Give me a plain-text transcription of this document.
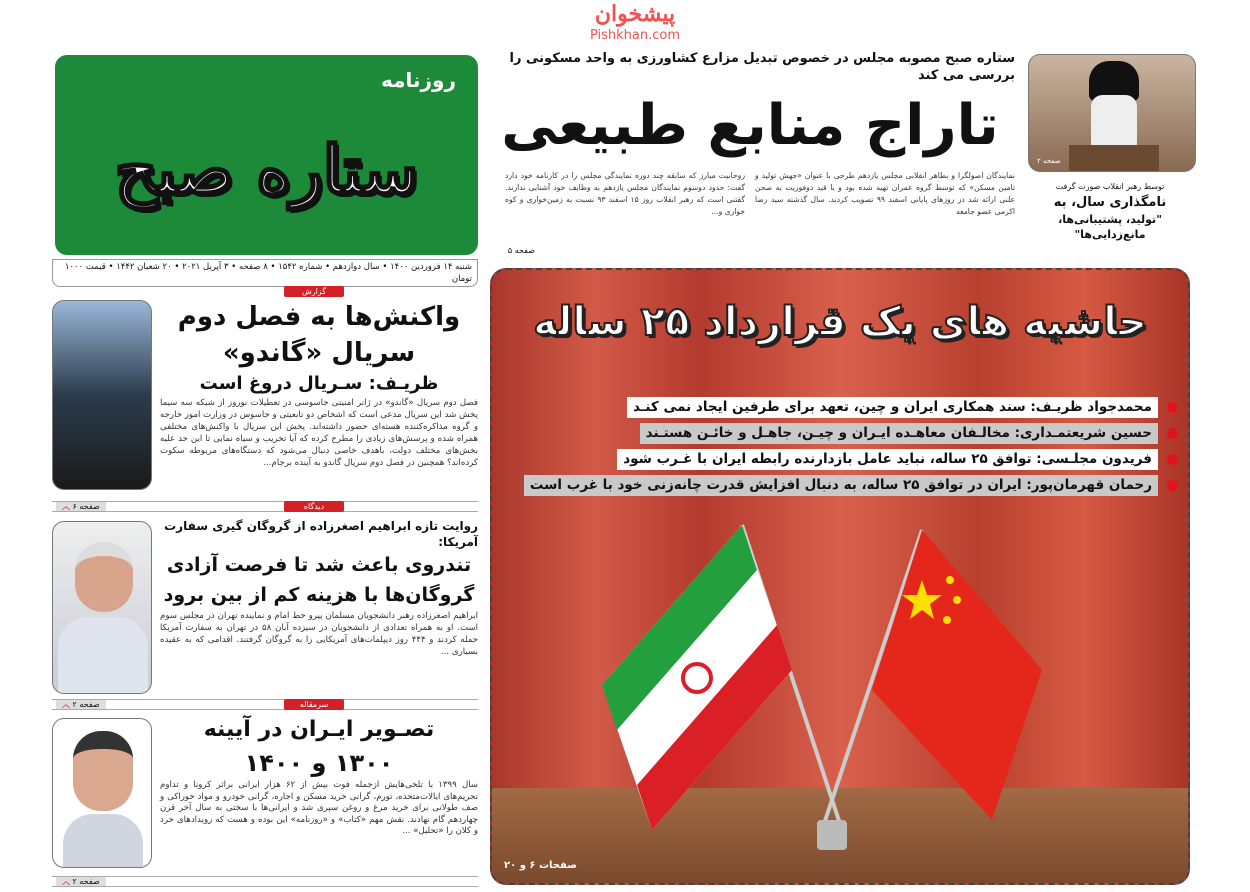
روزنامه
ستاره صبح
شنبه ۱۴ فروردین ۱۴۰۰ • سال دوازدهم • شماره ۱۵۴۲ • ۸ صفحه • ۳ آپریل ۲۰۲۱ • ۲۰ شعبان ۱۴۴۲ • قیمت ۱۰۰۰ تومان
پیشخوان
Pishkhan.com
ستاره صبح مصوبه مجلس در خصوص تبدیل مزارع کشاورزی به واحد مسکونی را بررسی می کند
تاراج منابع طبیعی
نمایندگان اصولگرا و بطاهر انقلابی مجلس یازدهم طرحی با عنوان «جهش تولید و تامین مسکن» که توسط گروه عمران تهیه شده بود و با قید دوفوریت به صحن علنی ارائه شد در روزهای پایانی اسفند ۹۹ تصویب کردند. سال گذشته سید رضا اکرمی عضو جامعه
روحانیت مبارز که سابقه چند دوره نمایندگی مجلس را در کارنامه خود دارد گفت: حدود دوسوم نمایندگان مجلس یازدهم به وظایف خود آشنایی ندارند. گفتنی است که رهبر انقلاب روز ۱۵ اسفند ۹۳ نسبت به زمین‌خواری و کوه خواری و...
صفحه ۵
صفحه ۲
توسط رهبر انقلاب صورت گرفت
نامگذاری سال، به
"تولید، پشتیبانی‌ها، مانع‌زدایی‌ها"
گزارش
واکنش‌ها به فصل دوم
سریال «گاندو»
ظریـف: سـریال دروغ است
فصل دوم سریال «گاندو» در ژانر امنیتی جاسوسی در تعطیلات نوروز از شبکه سه سیما پخش شد این سریال مدعی است که اشخاص دو تابعیتی و جاسوس در وزارت امور خارجه و گروه مذاکره‌کننده هسته‌ای حضور داشته‌اند. پخش این سریال با واکنش‌های مختلفی همراه شده و پرسش‌های زیادی را مطرح کرده که آیا تخریب و سیاه نمایی تا این حد علیه بخش‌های مختلف دولت، باهدف خاصی دنبال می‌شود که دستگاه‌های مربوطه سکوت کرده‌اند؟ همچنین در فصل دوم سریال گاندو به آینده برجام...
︿ صفحه ۶	دیدگاه
روایت تازه ابراهیم اصغرزاده از گروگان گیری سفارت آمریکا:
تندروی باعث شد تا فرصت آزادی
گروگان‌ها با هزینه کم از بین برود
ابراهیم اصغرزاده رهبر دانشجویان مسلمان پیرو خط امام و نماینده تهران در مجلس سوم است. او به همراه تعدادی از دانشجویان در سیزده آبان ۵۸ در تهران به سفارت آمریکا حمله کردند و ۴۴۴ روز دیپلمات‌های آمریکایی را به گروگان گرفتند. اقدامی که به عقیده بسیاری ...
︿ صفحه ۲	سرمقاله
تصـویر ایـران در آیینه
۱۳۰۰ و ۱۴۰۰
سال ۱۳۹۹ با تلخی‌هایش ازجمله فوت بیش از ۶۲ هزار ایرانی براثر کرونا و تداوم تحریم‌های ایالات‌متحده، تورم، گرانی خرید مسکن و اجاره، گرانی خودرو و مواد خوراکی و صف طولانی برای خرید مرغ و روغن سپری شد و ایرانی‌ها با سختی به سال آخر قرن چهاردهم گام نهادند. نقش مهم «کتاب» و «روزنامه» این بوده و هست که رویدادهای خرد و کلان را «تحلیل» ...
︿ صفحه ۲
حاشیه های یک قرارداد ۲۵ ساله
محمدجواد ظریـف: سند همکاری ایران و چین، تعهد برای طرفین ایجاد نمی کنـد
حسین شریعتمـداری: مخالـفان معاهـده ایـران و چیـن، جاهـل و خائـن هستـند
فریدون مجلـسی: توافق ۲۵ ساله، نباید عامل بازدارنده رابطه ایران با غـرب شود
رحمان قهرمان‌پور: ایران در توافق ۲۵ ساله، به دنبال افزایش قدرت چانه‌زنی خود با غرب است
صفحات ۶ و ۲۰
